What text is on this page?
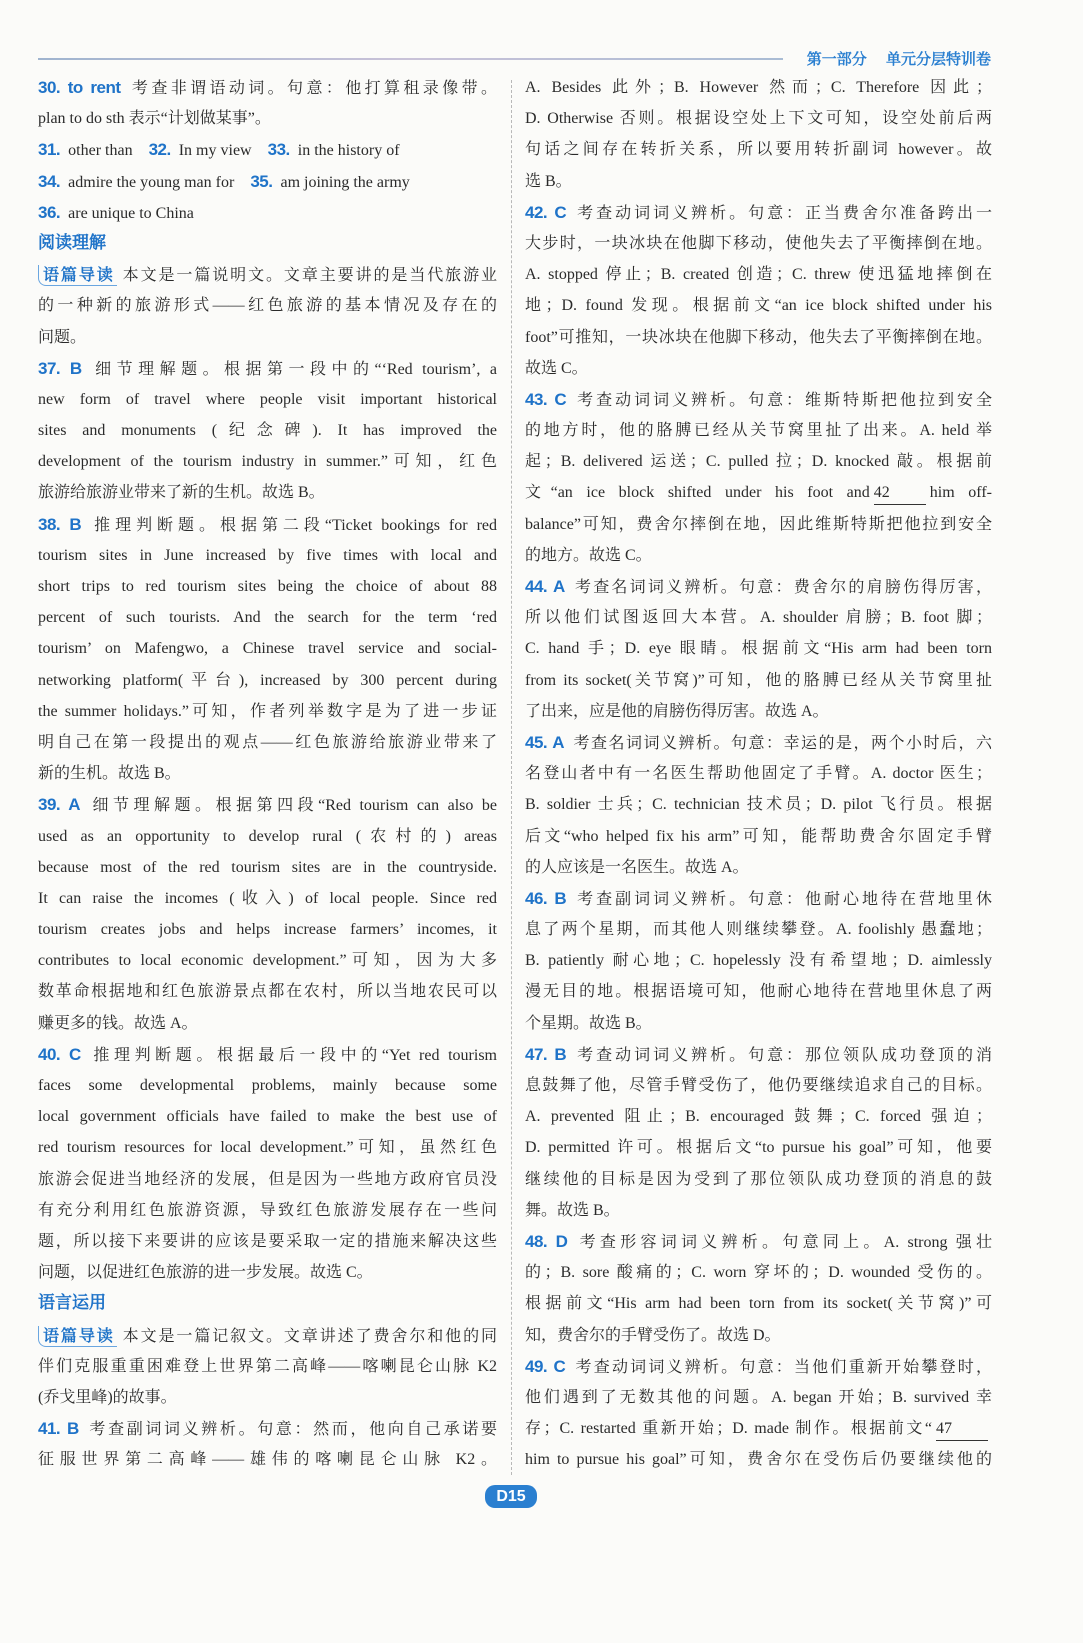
第一部分 单元分层特训卷
30. to rent 考查非谓语动词。句意：他打算租录像带。
plan to do sth 表示“计划做某事”。
31. other than　32. In my view　33. in the history of
34. admire the young man for　35. am joining the army
36. are unique to China
阅读理解
语篇导读 本文是一篇说明文。文章主要讲的是当代旅游业
的一种新的旅游形式——红色旅游的基本情况及存在的
问题。
37. B 细节理解题。根据第一段中的“‘Red tourism’, a
new form of travel where people visit important historical
sites and monuments (纪念碑). It has improved the
development of the tourism industry in summer.”可知，红色
旅游给旅游业带来了新的生机。故选 B。
38. B 推理判断题。根据第二段“Ticket bookings for red
tourism sites in June increased by five times with local and
short trips to red tourism sites being the choice of about 88
percent of such tourists. And the search for the term ‘red
tourism’ on Mafengwo, a Chinese travel service and social-
networking platform(平台), increased by 300 percent during
the summer holidays.”可知，作者列举数字是为了进一步证
明自己在第一段提出的观点——红色旅游给旅游业带来了
新的生机。故选 B。
39. A 细节理解题。根据第四段“Red tourism can also be
used as an opportunity to develop rural (农村的) areas
because most of the red tourism sites are in the countryside.
It can raise the incomes (收入) of local people. Since red
tourism creates jobs and helps increase farmers’ incomes, it
contributes to local economic development.”可知，因为大多
数革命根据地和红色旅游景点都在农村，所以当地农民可以
赚更多的钱。故选 A。
40. C 推理判断题。根据最后一段中的“Yet red tourism
faces some developmental problems, mainly because some
local government officials have failed to make the best use of
red tourism resources for local development.”可知，虽然红色
旅游会促进当地经济的发展，但是因为一些地方政府官员没
有充分利用红色旅游资源，导致红色旅游发展存在一些问
题，所以接下来要讲的应该是要采取一定的措施来解决这些
问题，以促进红色旅游的进一步发展。故选 C。
语言运用
语篇导读 本文是一篇记叙文。文章讲述了费舍尔和他的同
伴们克服重重困难登上世界第二高峰——喀喇昆仑山脉 K2
(乔戈里峰)的故事。
41. B 考查副词词义辨析。句意：然而，他向自己承诺要
征服世界第二高峰——雄伟的喀喇昆仑山脉 K2。
A. Besides 此外；B. However 然而；C. Therefore 因此；
D. Otherwise 否则。根据设空处上下文可知，设空处前后两
句话之间存在转折关系，所以要用转折副词 however。故
选 B。
42. C 考查动词词义辨析。句意：正当费舍尔准备跨出一
大步时，一块冰块在他脚下移动，使他失去了平衡摔倒在地。
A. stopped 停止；B. created 创造；C. threw 使迅猛地摔倒在
地；D. found 发现。根据前文“an ice block shifted under his
foot”可推知，一块冰块在他脚下移动，他失去了平衡摔倒在地。
故选 C。
43. C 考查动词词义辨析。句意：维斯特斯把他拉到安全
的地方时，他的胳膊已经从关节窝里扯了出来。A. held 举
起；B. delivered 运送；C. pulled 拉；D. knocked 敲。根据前
文“an ice block shifted under his foot and 42	him off-
balance”可知，费舍尔摔倒在地，因此维斯特斯把他拉到安全
的地方。故选 C。
44. A 考查名词词义辨析。句意：费舍尔的肩膀伤得厉害，
所以他们试图返回大本营。A. shoulder 肩膀；B. foot 脚；
C. hand 手；D. eye 眼睛。根据前文“His arm had been torn
from its socket(关节窝)”可知，他的胳膊已经从关节窝里扯
了出来，应是他的肩膀伤得厉害。故选 A。
45. A 考查名词词义辨析。句意：幸运的是，两个小时后，六
名登山者中有一名医生帮助他固定了手臂。A. doctor 医生；
B. soldier 士兵；C. technician 技术员；D. pilot 飞行员。根据
后文“who helped fix his arm”可知，能帮助费舍尔固定手臂
的人应该是一名医生。故选 A。
46. B 考查副词词义辨析。句意：他耐心地待在营地里休
息了两个星期，而其他人则继续攀登。A. foolishly 愚蠢地；
B. patiently 耐心地；C. hopelessly 没有希望地；D. aimlessly
漫无目的地。根据语境可知，他耐心地待在营地里休息了两
个星期。故选 B。
47. B 考查动词词义辨析。句意：那位领队成功登顶的消
息鼓舞了他，尽管手臂受伤了，他仍要继续追求自己的目标。
A. prevented 阻止；B. encouraged 鼓舞；C. forced 强迫；
D. permitted 许可。根据后文“to pursue his goal”可知，他要
继续他的目标是因为受到了那位领队成功登顶的消息的鼓
舞。故选 B。
48. D 考查形容词词义辨析。句意同上。A. strong 强壮
的；B. sore 酸痛的；C. worn 穿坏的；D. wounded 受伤的。
根据前文“His arm had been torn from its socket(关节窝)”可
知，费舍尔的手臂受伤了。故选 D。
49. C 考查动词词义辨析。句意：当他们重新开始攀登时，
他们遇到了无数其他的问题。A. began 开始；B. survived 幸
存；C. restarted 重新开始；D. made 制作。根据前文“ 47
him to pursue his goal”可知，费舍尔在受伤后仍要继续他的
D15
